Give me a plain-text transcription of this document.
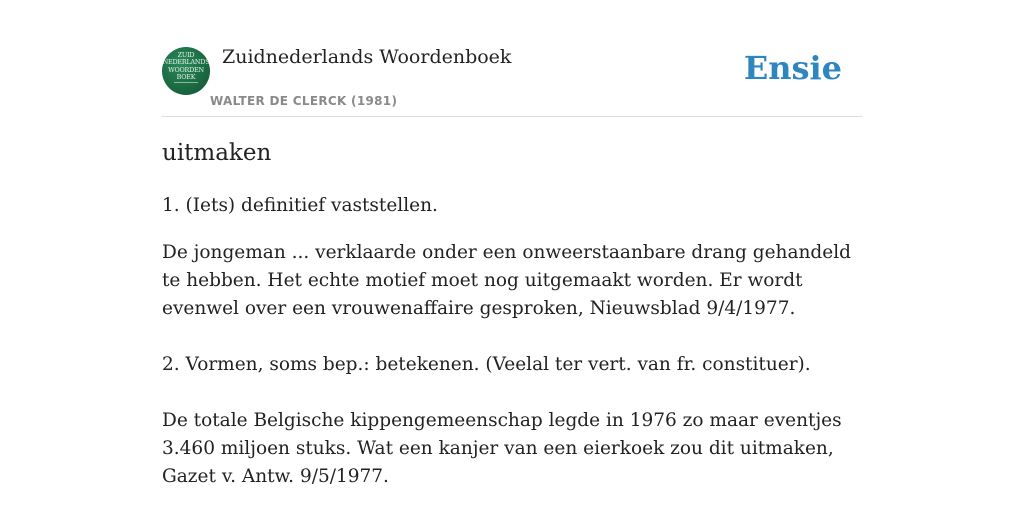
ZUID
NEDERLANDS
WOORDEN
BOEK
Zuidnederlands Woordenboek
WALTER DE CLERCK (1981)
Ensie
uitmaken
1. (Iets) definitief vaststellen.
De jongeman ... verklaarde onder een onweerstaanbare drang gehandeld te hebben. Het echte motief moet nog uitgemaakt worden. Er wordt evenwel over een vrouwenaffaire gesproken, Nieuwsblad 9/4/1977.
2. Vormen, soms bep.: betekenen. (Veelal ter vert. van fr. constituer).
De totale Belgische kippengemeenschap legde in 1976 zo maar eventjes 3.460 miljoen stuks. Wat een kanjer van een eierkoek zou dit uitmaken, Gazet v. Antw. 9/5/1977.
